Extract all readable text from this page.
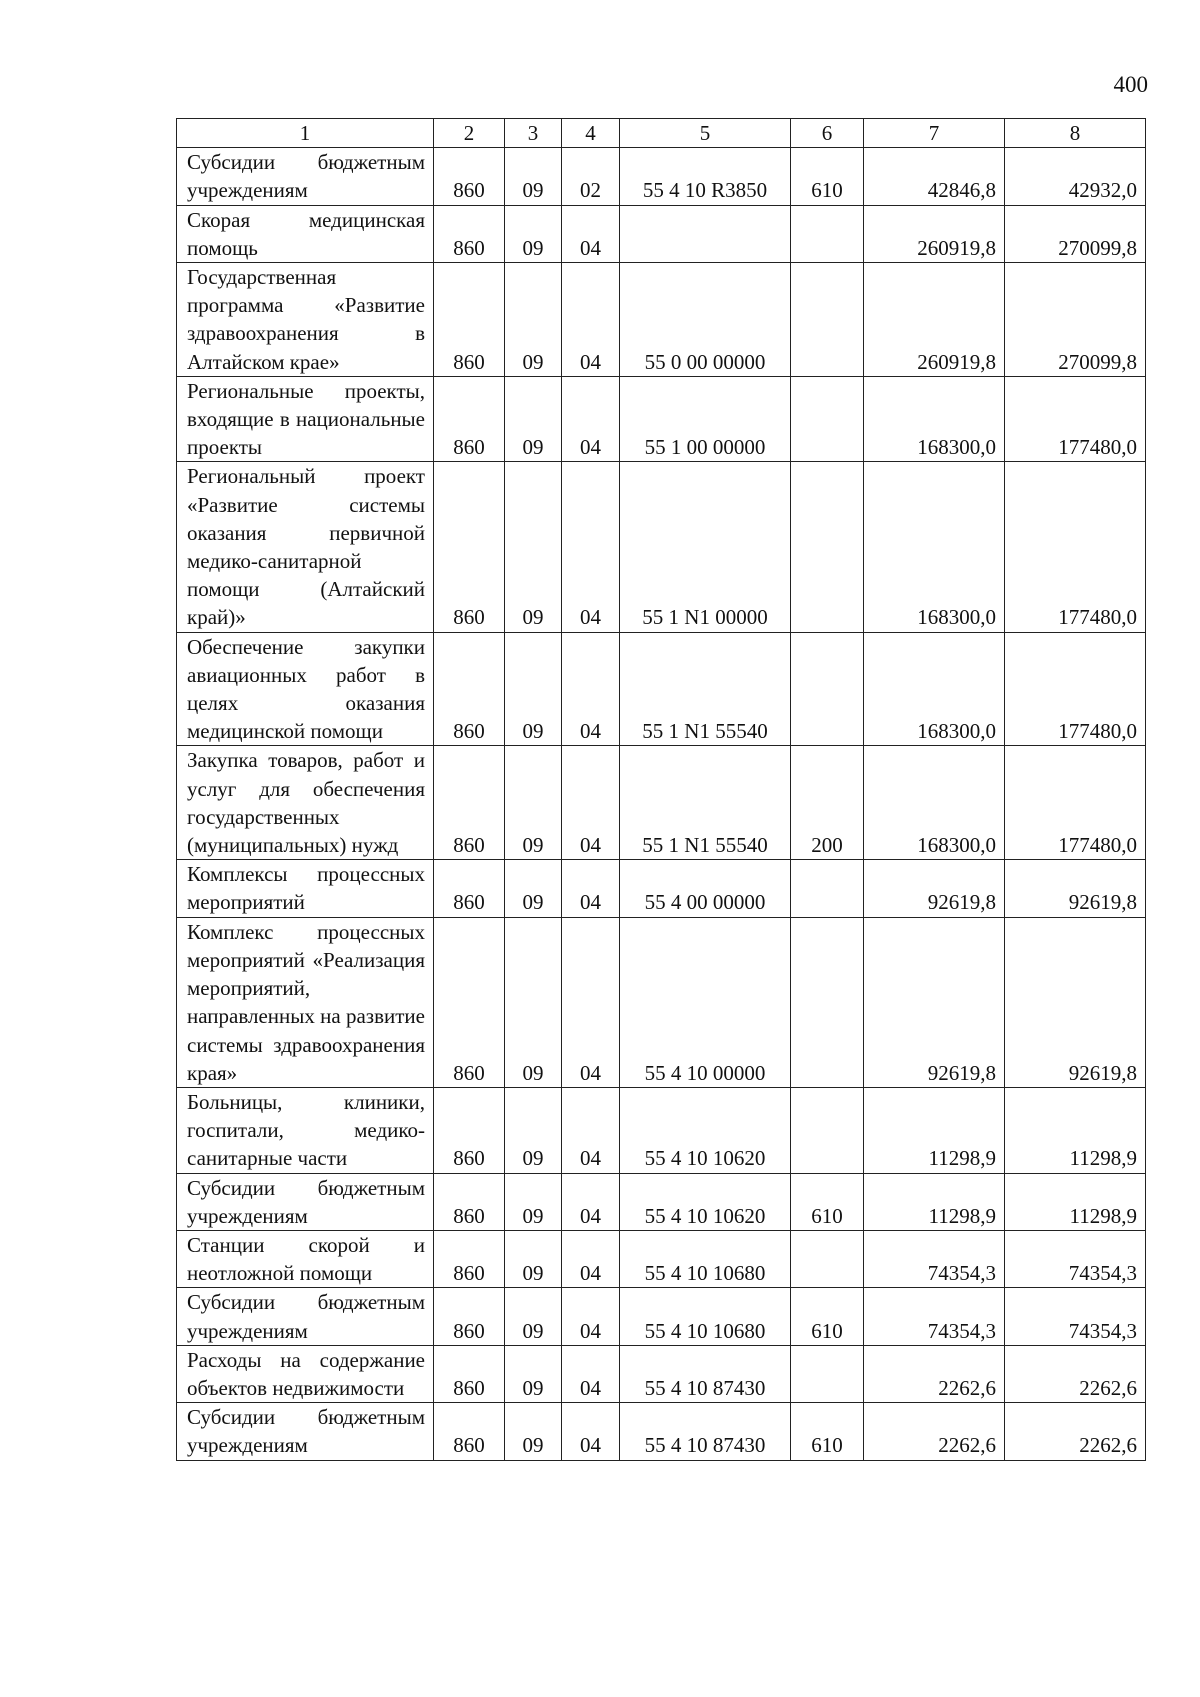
400
1	2	3	4	5	6	7	8
Субсидии бюджетным учреждениям	860	09	02	55 4 10 R3850	610	42846,8	42932,0
Скорая медицинская помощь	860	09	04			260919,8	270099,8
Государственная программа «Развитие здравоохранения в Алтайском крае»	860	09	04	55 0 00 00000		260919,8	270099,8
Региональные проекты, входящие в национальные проекты	860	09	04	55 1 00 00000		168300,0	177480,0
Региональный проект «Развитие системы оказания первичной медико-санитарной помощи (Алтайский край)»	860	09	04	55 1 N1 00000		168300,0	177480,0
Обеспечение закупки авиационных работ в целях оказания медицинской помощи	860	09	04	55 1 N1 55540		168300,0	177480,0
Закупка товаров, работ и услуг для обеспечения государственных (муниципальных) нужд	860	09	04	55 1 N1 55540	200	168300,0	177480,0
Комплексы процессных мероприятий	860	09	04	55 4 00 00000		92619,8	92619,8
Комплекс процессных мероприятий «Реализация мероприятий, направленных на развитие системы здравоохранения края»	860	09	04	55 4 10 00000		92619,8	92619,8
Больницы, клиники, госпитали, медико-санитарные части	860	09	04	55 4 10 10620		11298,9	11298,9
Субсидии бюджетным учреждениям	860	09	04	55 4 10 10620	610	11298,9	11298,9
Станции скорой и неотложной помощи	860	09	04	55 4 10 10680		74354,3	74354,3
Субсидии бюджетным учреждениям	860	09	04	55 4 10 10680	610	74354,3	74354,3
Расходы на содержание объектов недвижимости	860	09	04	55 4 10 87430		2262,6	2262,6
Субсидии бюджетным учреждениям	860	09	04	55 4 10 87430	610	2262,6	2262,6
